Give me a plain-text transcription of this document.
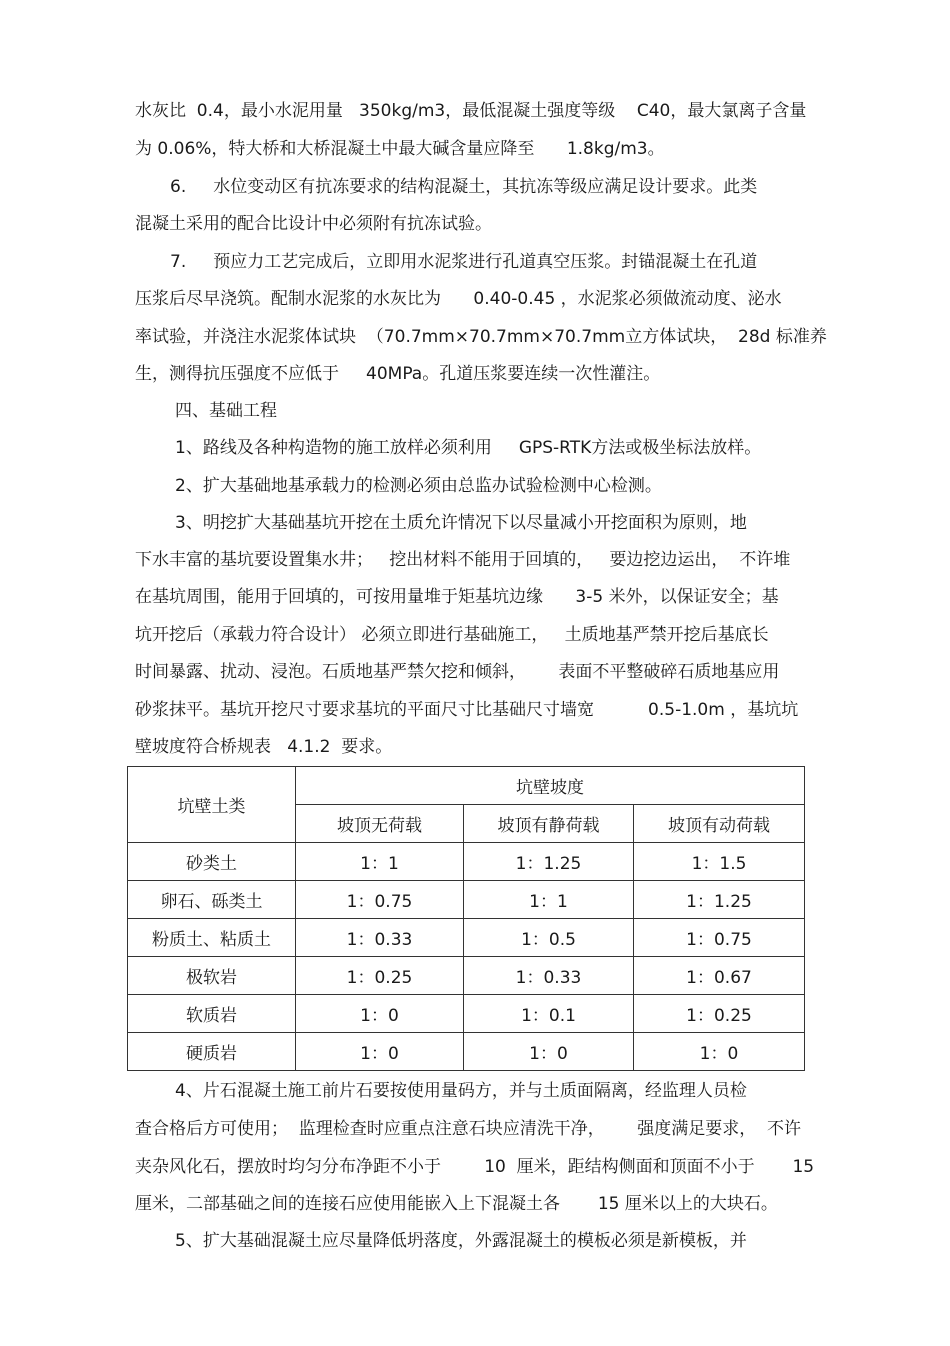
水灰比  0.4，最小水泥用量   350kg/m3，最低混凝土强度等级    C40，最大氯离子含量
为 0.06%，特大桥和大桥混凝土中最大碱含量应降至      1.8kg/m3。
6.     水位变动区有抗冻要求的结构混凝土，其抗冻等级应满足设计要求。此类
混凝土采用的配合比设计中必须附有抗冻试验。
7.     预应力工艺完成后，立即用水泥浆进行孔道真空压浆。封锚混凝土在孔道
压浆后尽早浇筑。配制水泥浆的水灰比为      0.40-0.45 ，水泥浆必须做流动度、泌水
率试验，并浇注水泥浆体试块  （70.7mm×70.7mm×70.7mm立方体试块，  28d 标准养
生，测得抗压强度不应低于     40MPa。孔道压浆要连续一次性灌注。
四、基础工程
1、路线及各种构造物的施工放样必须利用     GPS-RTK方法或极坐标法放样。
2、扩大基础地基承载力的检测必须由总监办试验检测中心检测。
3、明挖扩大基础基坑开挖在土质允许情况下以尽量减小开挖面积为原则，地
下水丰富的基坑要设置集水井；   挖出材料不能用于回填的，   要边挖边运出，  不许堆
在基坑周围，能用于回填的，可按用量堆于矩基坑边缘      3-5 米外，以保证安全；基
坑开挖后（承载力符合设计） 必须立即进行基础施工，   土质地基严禁开挖后基底长
时间暴露、扰动、浸泡。石质地基严禁欠挖和倾斜，      表面不平整破碎石质地基应用
砂浆抹平。基坑开挖尺寸要求基坑的平面尺寸比基础尺寸墙宽          0.5-1.0m ，基坑坑
壁坡度符合桥规表   4.1.2  要求。
坑壁土类	坑壁坡度		
	坡顶无荷载	坡顶有静荷载	坡顶有动荷载
砂类土	1：1	1：1.25	1：1.5
卵石、砾类土	1：0.75	1：1	1：1.25
粉质土、粘质土	1：0.33	1：0.5	1：0.75
极软岩	1：0.25	1：0.33	1：0.67
软质岩	1：0	1：0.1	1：0.25
硬质岩	1：0	1：0	1：0
4、片石混凝土施工前片石要按使用量码方，并与土质面隔离，经监理人员检
查合格后方可使用；  监理检查时应重点注意石块应清洗干净，      强度满足要求，  不许
夹杂风化石，摆放时均匀分布净距不小于        10  厘米，距结构侧面和顶面不小于       15
厘米，二部基础之间的连接石应使用能嵌入上下混凝土各       15 厘米以上的大块石。
5、扩大基础混凝土应尽量降低坍落度，外露混凝土的模板必须是新模板，并
